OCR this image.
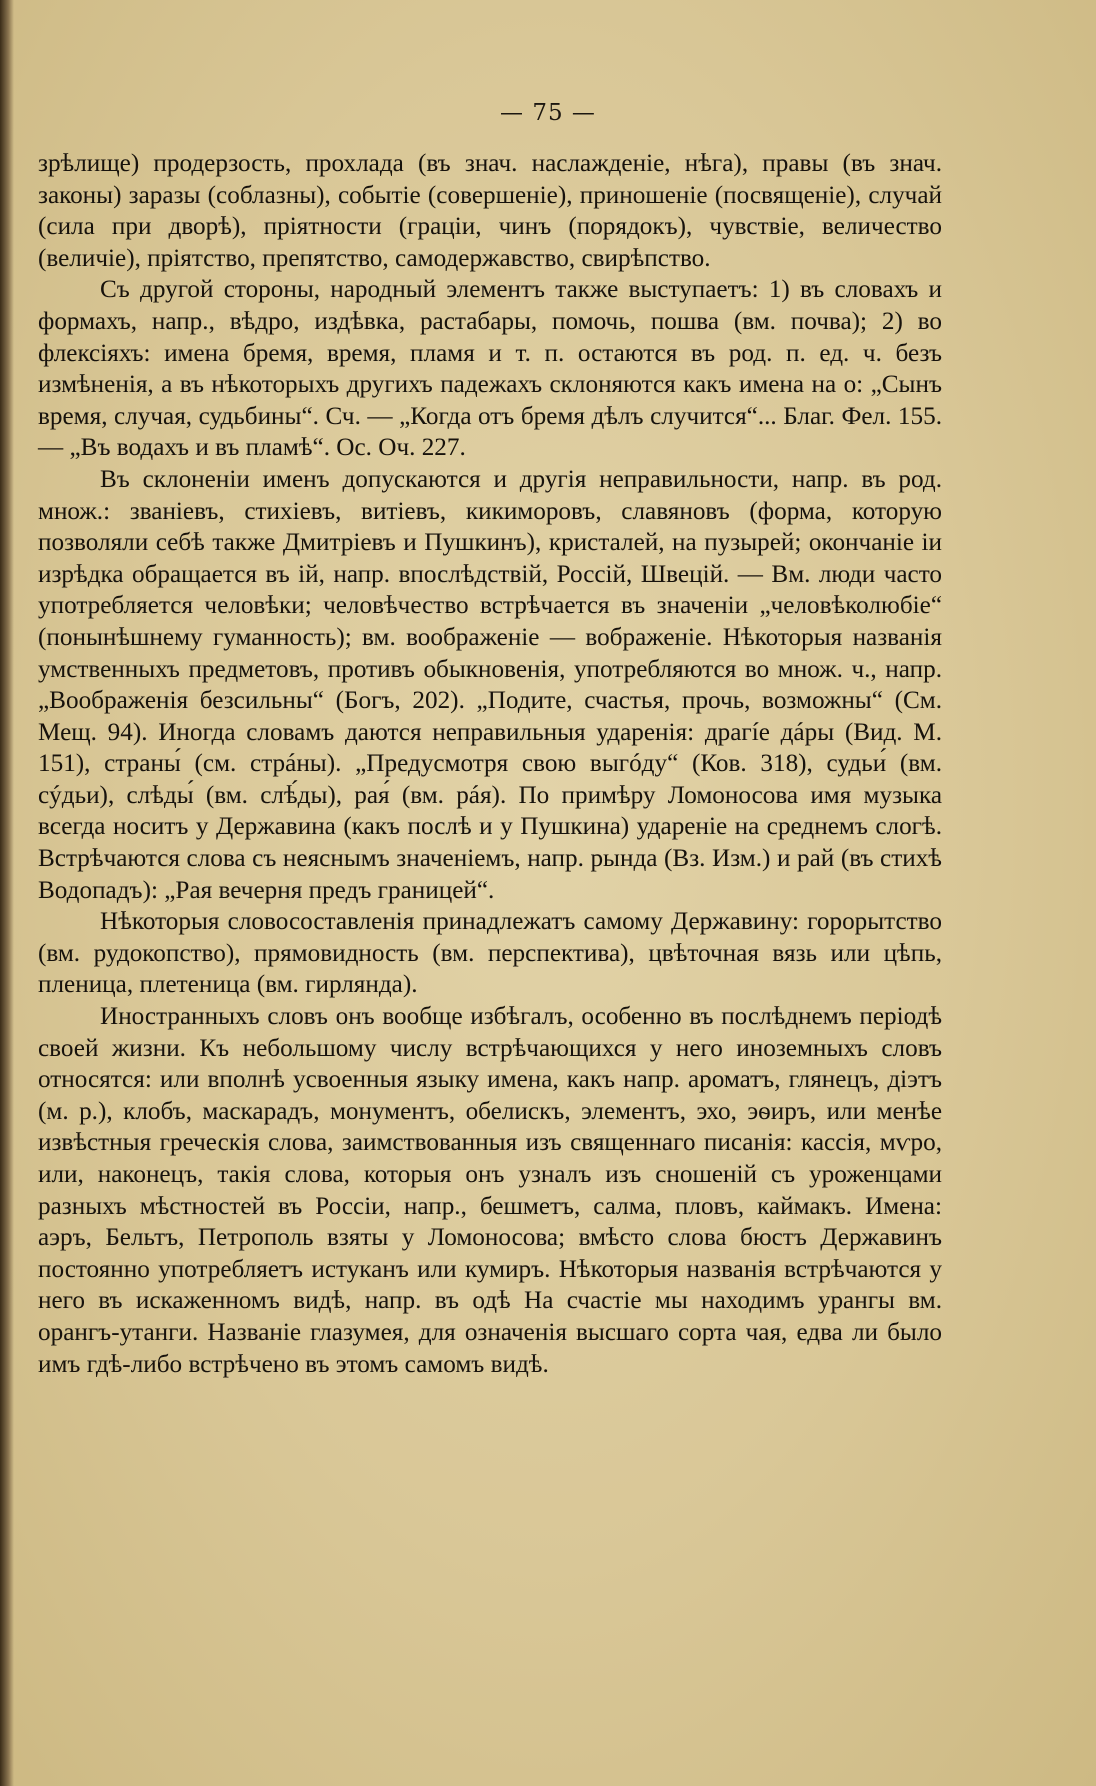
— 75 —

зрѣлище) продерзость, прохлада (въ знач. наслажденіе, нѣга), правы (въ знач. законы) заразы (соблазны), событіе (совершеніе), приношеніе (посвященіе), случай (сила при дворѣ), пріятности (граціи, чинъ (порядокъ), чувствіе, величество (величіе), пріятство, препятство, самодержавство, свирѣпство.

Съ другой стороны, народный элементъ также выступаетъ: 1) въ словахъ и формахъ, напр., вѣдро, издѣвка, растабары, помочь, пошва (вм. почва); 2) во флексіяхъ: имена бремя, время, пламя и т. п. остаются въ род. п. ед. ч. безъ измѣненія, а въ нѣкоторыхъ другихъ падежахъ склоняются какъ имена на о: „Сынъ время, случая, судьбины“. Сч. — „Когда отъ бремя дѣлъ случится“... Благ. Фел. 155. — „Въ водахъ и въ пламѣ“. Ос. Оч. 227.

Въ склоненіи именъ допускаются и другія неправильности, напр. въ род. множ.: званіевъ, стихіевъ, витіевъ, кикиморовъ, славяновъ (форма, которую позволяли себѣ также Дмитріевъ и Пушкинъ), кристалей, на пузырей; окончаніе іи изрѣдка обращается въ ій, напр. впослѣдствій, Россій, Швецій. — Вм. люди часто употребляется человѣки; человѣчество встрѣчается въ значеніи „человѣколюбіе“ (понынѣшнему гуманность); вм. воображеніе — вображеніе. Нѣкоторыя названія умственныхъ предметовъ, противъ обыкновенія, употребляются во множ. ч., напр. „Воображенія безсильны“ (Богъ, 202). „Подите, счастья, прочь, возможны“ (См. Мещ. 94). Иногда словамъ даются неправильныя ударенія: драгíе дáры (Вид. М. 151), страны́ (см. стрáны). „Предусмотря свою выгóду“ (Ков. 318), судьи́ (вм. сýдьи), слѣды́ (вм. слѣ́ды), рая́ (вм. рáя). По примѣру Ломоносова имя музыка всегда носитъ у Державина (какъ послѣ и у Пушкина) удареніе на среднемъ слогѣ. Встрѣчаются слова съ неяснымъ значеніемъ, напр. рында (Вз. Изм.) и рай (въ стихѣ Водопадъ): „Рая вечерня предъ границей“.

Нѣкоторыя словосоставленія принадлежатъ самому Державину: горорытство (вм. рудокопство), прямовидность (вм. перспектива), цвѣточная вязь или цѣпь, пленица, плетеница (вм. гирлянда).

Иностранныхъ словъ онъ вообще избѣгалъ, особенно въ послѣднемъ періодѣ своей жизни. Къ небольшому числу встрѣчающихся у него иноземныхъ словъ относятся: или вполнѣ усвоенныя языку имена, какъ напр. ароматъ, глянецъ, діэтъ (м. р.), клобъ, маскарадъ, монументъ, обелискъ, элементъ, эхо, эѳиръ, или менѣе извѣстныя греческія слова, заимствованныя изъ священнаго писанія: кассія, мѵро, или, наконецъ, такія слова, которыя онъ узналъ изъ сношеній съ уроженцами разныхъ мѣстностей въ Россіи, напр., бешметъ, салма, пловъ, каймакъ. Имена: аэръ, Бельтъ, Петрополь взяты у Ломоносова; вмѣсто слова бюстъ Державинъ постоянно употребляетъ истуканъ или кумиръ. Нѣкоторыя названія встрѣчаются у него въ искаженномъ видѣ, напр. въ одѣ На счастіе мы находимъ урангы вм. орангъ-утанги. Названіе глазумея, для означенія высшаго сорта чая, едва ли было имъ гдѣ-либо встрѣчено въ этомъ самомъ видѣ.
